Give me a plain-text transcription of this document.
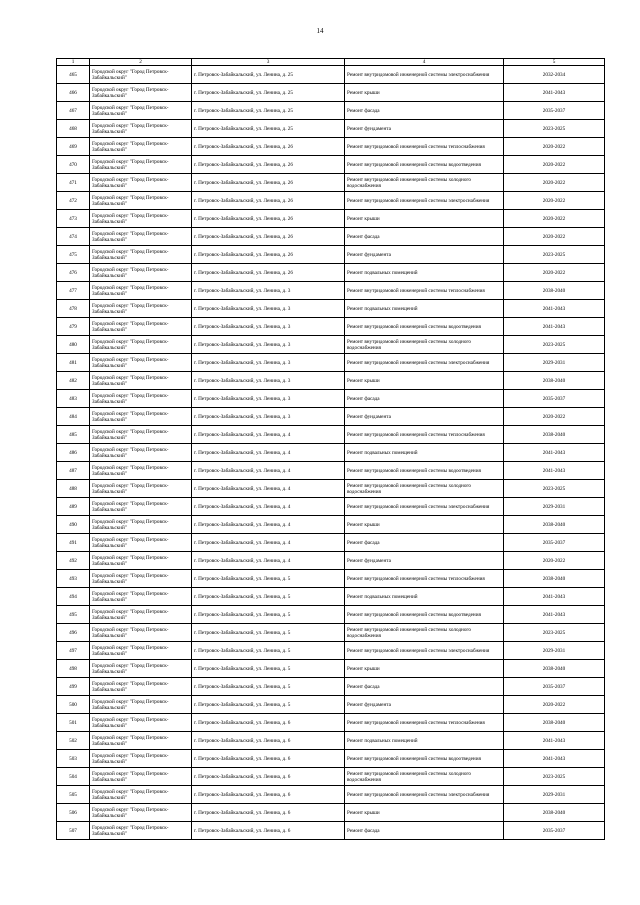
14
1	2	3	4	5
465	Городской округ "Город Петровск-Забайкальский"	г. Петровск-Забайкальский, ул. Ленина, д. 25	Ремонт внутридомовой инженерной системы электроснабжения	2032-2034
466	Городской округ "Город Петровск-Забайкальский"	г. Петровск-Забайкальский, ул. Ленина, д. 25	Ремонт крыши	2041-2043
467	Городской округ "Город Петровск-Забайкальский"	г. Петровск-Забайкальский, ул. Ленина, д. 25	Ремонт фасада	2035-2037
468	Городской округ "Город Петровск-Забайкальский"	г. Петровск-Забайкальский, ул. Ленина, д. 25	Ремонт фундамента	2023-2025
469	Городской округ "Город Петровск-Забайкальский"	г. Петровск-Забайкальский, ул. Ленина, д. 26	Ремонт внутридомовой инженерной системы теплоснабжения	2020-2022
470	Городской округ "Город Петровск-Забайкальский"	г. Петровск-Забайкальский, ул. Ленина, д. 26	Ремонт внутридомовой инженерной системы водоотведения	2020-2022
471	Городской округ "Город Петровск-Забайкальский"	г. Петровск-Забайкальский, ул. Ленина, д. 26	Ремонт внутридомовой инженерной системы холодного водоснабжения	2020-2022
472	Городской округ "Город Петровск-Забайкальский"	г. Петровск-Забайкальский, ул. Ленина, д. 26	Ремонт внутридомовой инженерной системы электроснабжения	2020-2022
473	Городской округ "Город Петровск-Забайкальский"	г. Петровск-Забайкальский, ул. Ленина, д. 26	Ремонт крыши	2020-2022
474	Городской округ "Город Петровск-Забайкальский"	г. Петровск-Забайкальский, ул. Ленина, д. 26	Ремонт фасада	2020-2022
475	Городской округ "Город Петровск-Забайкальский"	г. Петровск-Забайкальский, ул. Ленина, д. 26	Ремонт фундамента	2023-2025
476	Городской округ "Город Петровск-Забайкальский"	г. Петровск-Забайкальский, ул. Ленина, д. 26	Ремонт подвальных помещений	2020-2022
477	Городской округ "Город Петровск-Забайкальский"	г. Петровск-Забайкальский, ул. Ленина, д. 3	Ремонт внутридомовой инженерной системы теплоснабжения	2038-2040
478	Городской округ "Город Петровск-Забайкальский"	г. Петровск-Забайкальский, ул. Ленина, д. 3	Ремонт подвальных помещений	2041-2043
479	Городской округ "Город Петровск-Забайкальский"	г. Петровск-Забайкальский, ул. Ленина, д. 3	Ремонт внутридомовой инженерной системы водоотведения	2041-2043
480	Городской округ "Город Петровск-Забайкальский"	г. Петровск-Забайкальский, ул. Ленина, д. 3	Ремонт внутридомовой инженерной системы холодного водоснабжения	2023-2025
481	Городской округ "Город Петровск-Забайкальский"	г. Петровск-Забайкальский, ул. Ленина, д. 3	Ремонт внутридомовой инженерной системы электроснабжения	2029-2031
482	Городской округ "Город Петровск-Забайкальский"	г. Петровск-Забайкальский, ул. Ленина, д. 3	Ремонт крыши	2038-2040
483	Городской округ "Город Петровск-Забайкальский"	г. Петровск-Забайкальский, ул. Ленина, д. 3	Ремонт фасада	2035-2037
484	Городской округ "Город Петровск-Забайкальский"	г. Петровск-Забайкальский, ул. Ленина, д. 3	Ремонт фундамента	2020-2022
485	Городской округ "Город Петровск-Забайкальский"	г. Петровск-Забайкальский, ул. Ленина, д. 4	Ремонт внутридомовой инженерной системы теплоснабжения	2038-2040
486	Городской округ "Город Петровск-Забайкальский"	г. Петровск-Забайкальский, ул. Ленина, д. 4	Ремонт подвальных помещений	2041-2043
487	Городской округ "Город Петровск-Забайкальский"	г. Петровск-Забайкальский, ул. Ленина, д. 4	Ремонт внутридомовой инженерной системы водоотведения	2041-2043
488	Городской округ "Город Петровск-Забайкальский"	г. Петровск-Забайкальский, ул. Ленина, д. 4	Ремонт внутридомовой инженерной системы холодного водоснабжения	2023-2025
489	Городской округ "Город Петровск-Забайкальский"	г. Петровск-Забайкальский, ул. Ленина, д. 4	Ремонт внутридомовой инженерной системы электроснабжения	2029-2031
490	Городской округ "Город Петровск-Забайкальский"	г. Петровск-Забайкальский, ул. Ленина, д. 4	Ремонт крыши	2038-2040
491	Городской округ "Город Петровск-Забайкальский"	г. Петровск-Забайкальский, ул. Ленина, д. 4	Ремонт фасада	2035-2037
492	Городской округ "Город Петровск-Забайкальский"	г. Петровск-Забайкальский, ул. Ленина, д. 4	Ремонт фундамента	2020-2022
493	Городской округ "Город Петровск-Забайкальский"	г. Петровск-Забайкальский, ул. Ленина, д. 5	Ремонт внутридомовой инженерной системы теплоснабжения	2038-2040
494	Городской округ "Город Петровск-Забайкальский"	г. Петровск-Забайкальский, ул. Ленина, д. 5	Ремонт подвальных помещений	2041-2043
495	Городской округ "Город Петровск-Забайкальский"	г. Петровск-Забайкальский, ул. Ленина, д. 5	Ремонт внутридомовой инженерной системы водоотведения	2041-2043
496	Городской округ "Город Петровск-Забайкальский"	г. Петровск-Забайкальский, ул. Ленина, д. 5	Ремонт внутридомовой инженерной системы холодного водоснабжения	2023-2025
497	Городской округ "Город Петровск-Забайкальский"	г. Петровск-Забайкальский, ул. Ленина, д. 5	Ремонт внутридомовой инженерной системы электроснабжения	2029-2031
498	Городской округ "Город Петровск-Забайкальский"	г. Петровск-Забайкальский, ул. Ленина, д. 5	Ремонт крыши	2038-2040
499	Городской округ "Город Петровск-Забайкальский"	г. Петровск-Забайкальский, ул. Ленина, д. 5	Ремонт фасада	2035-2037
500	Городской округ "Город Петровск-Забайкальский"	г. Петровск-Забайкальский, ул. Ленина, д. 5	Ремонт фундамента	2020-2022
501	Городской округ "Город Петровск-Забайкальский"	г. Петровск-Забайкальский, ул. Ленина, д. 6	Ремонт внутридомовой инженерной системы теплоснабжения	2038-2040
502	Городской округ "Город Петровск-Забайкальский"	г. Петровск-Забайкальский, ул. Ленина, д. 6	Ремонт подвальных помещений	2041-2043
503	Городской округ "Город Петровск-Забайкальский"	г. Петровск-Забайкальский, ул. Ленина, д. 6	Ремонт внутридомовой инженерной системы водоотведения	2041-2043
504	Городской округ "Город Петровск-Забайкальский"	г. Петровск-Забайкальский, ул. Ленина, д. 6	Ремонт внутридомовой инженерной системы холодного водоснабжения	2023-2025
505	Городской округ "Город Петровск-Забайкальский"	г. Петровск-Забайкальский, ул. Ленина, д. 6	Ремонт внутридомовой инженерной системы электроснабжения	2029-2031
506	Городской округ "Город Петровск-Забайкальский"	г. Петровск-Забайкальский, ул. Ленина, д. 6	Ремонт крыши	2038-2040
507	Городской округ "Город Петровск-Забайкальский"	г. Петровск-Забайкальский, ул. Ленина, д. 6	Ремонт фасада	2035-2037
